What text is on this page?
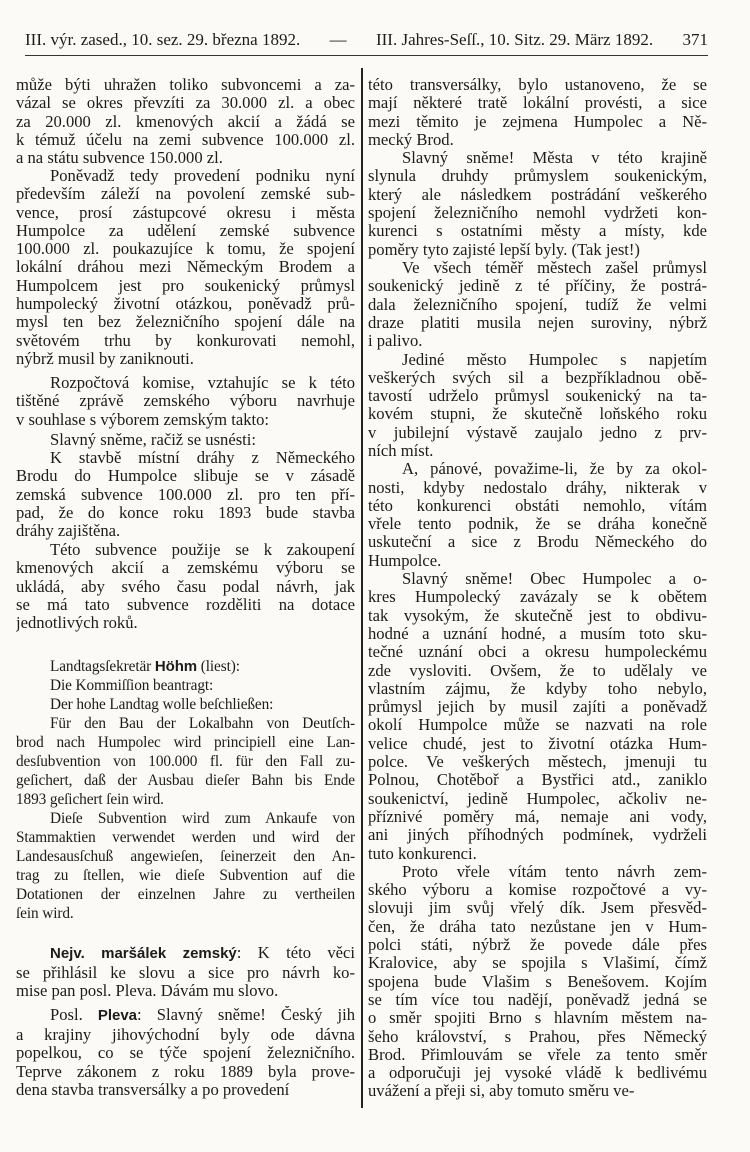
III. výr. zased., 10. sez. 29. března 1892. — III. Jahres-Seſſ., 10. Sitz. 29. März 1892. 371
může býti uhražen toliko subvoncemi a za-
vázal se okres převzíti za 30.000 zl. a obec
za 20.000 zl. kmenových akcií a žádá se
k témuž účelu na zemi subvence 100.000 zl.
a na státu subvence 150.000 zl.
Poněvadž tedy provedení podniku nyní
především záleží na povolení zemské sub-
vence, prosí zástupcové okresu i města
Humpolce za udělení zemské subvence
100.000 zl. poukazujíce k tomu, že spojení
lokální dráhou mezi Německým Brodem a
Humpolcem jest pro soukenický průmysl
humpolecký životní otázkou, poněvadž prů-
mysl ten bez železničního spojení dále na
světovém trhu by konkurovati nemohl,
nýbrž musil by zaniknouti.
Rozpočtová komise, vztahujíc se k této
tištěné zprávě zemského výboru navrhuje
v souhlase s výborem zemským takto:
Slavný sněme, račiž se usnésti:
K stavbě místní dráhy z Německého
Brodu do Humpolce slibuje se v zásadě
zemská subvence 100.000 zl. pro ten pří-
pad, že do konce roku 1893 bude stavba
dráhy zajištěna.
Této subvence použije se k zakoupení
kmenových akcií a zemskému výboru se
ukládá, aby svého času podal návrh, jak
se má tato subvence rozděliti na dotace
jednotlivých roků.
Landtagsſekretär Höhm (liest):
Die Kommiſſion beantragt:
Der hohe Landtag wolle beſchließen:
Für den Bau der Lokalbahn von Deutſch-
brod nach Humpolec wird principiell eine Lan-
desſubvention von 100.000 fl. für den Fall zu-
geſichert, daß der Ausbau dieſer Bahn bis Ende
1893 geſichert ſein wird.
Dieſe Subvention wird zum Ankaufe von
Stammaktien verwendet werden und wird der
Landesausſchuß angewieſen, ſeinerzeit den An-
trag zu ſtellen, wie dieſe Subvention auf die
Dotationen der einzelnen Jahre zu vertheilen
ſein wird.
Nejv. maršálek zemský: K této věci
se přihlásil ke slovu a sice pro návrh ko-
mise pan posl. Pleva. Dávám mu slovo.
Posl. Pleva: Slavný sněme! Český jih
a krajiny jihovýchodní byly ode dávna
popelkou, co se týče spojení železničního.
Teprve zákonem z roku 1889 byla prove-
dena stavba transversálky a po provedení
této transversálky, bylo ustanoveno, že se
mají některé tratě lokální provésti, a sice
mezi těmito je zejmena Humpolec a Ně-
mecký Brod.
Slavný sněme! Města v této krajině
slynula druhdy průmyslem soukenickým,
který ale následkem postrádání veškerého
spojení železničního nemohl vydržeti kon-
kurenci s ostatními městy a místy, kde
poměry tyto zajisté lepší byly. (Tak jest!)
Ve všech téměř městech zašel průmysl
soukenický jedině z té příčiny, že postrá-
dala železničního spojení, tudíž že velmi
draze platiti musila nejen suroviny, nýbrž
i palivo.
Jediné město Humpolec s napjetím
veškerých svých sil a bezpříkladnou obě-
tavostí udrželo průmysl soukenický na ta-
kovém stupni, že skutečně loňského roku
v jubilejní výstavě zaujalo jedno z prv-
ních míst.
A, pánové, považime-li, že by za okol-
nosti, kdyby nedostalo dráhy, nikterak v
této konkurenci obstáti nemohlo, vítám
vřele tento podnik, že se dráha konečně
uskuteční a sice z Brodu Německého do
Humpolce.
Slavný sněme! Obec Humpolec a o-
kres Humpolecký zavázaly se k obětem
tak vysokým, že skutečně jest to obdivu-
hodné a uznání hodné, a musím toto sku-
tečné uznání obci a okresu humpoleckému
zde vysloviti. Ovšem, že to udělaly ve
vlastním zájmu, že kdyby toho nebylo,
průmysl jejich by musil zajíti a poněvadž
okolí Humpolce může se nazvati na role
velice chudé, jest to životní otázka Hum-
polce. Ve veškerých městech, jmenuji tu
Polnou, Chotěboř a Bystřici atd., zaniklo
soukenictví, jedině Humpolec, ačkoliv ne-
příznivé poměry má, nemaje ani vody,
ani jiných příhodných podmínek, vydrželi
tuto konkurenci.
Proto vřele vítám tento návrh zem-
ského výboru a komise rozpočtové a vy-
slovuji jim svůj vřelý dík. Jsem přesvěd-
čen, že dráha tato nezůstane jen v Hum-
polci státi, nýbrž že povede dále přes
Kralovice, aby se spojila s Vlašimí, čímž
spojena bude Vlašim s Benešovem. Kojím
se tím více tou nadějí, poněvadž jedná se
o směr spojiti Brno s hlavním městem na-
šeho království, s Prahou, přes Německý
Brod. Přimlouvám se vřele za tento směr
a odporučuji jej vysoké vládě k bedlivému
uvážení a přeji si, aby tomuto směru ve-
